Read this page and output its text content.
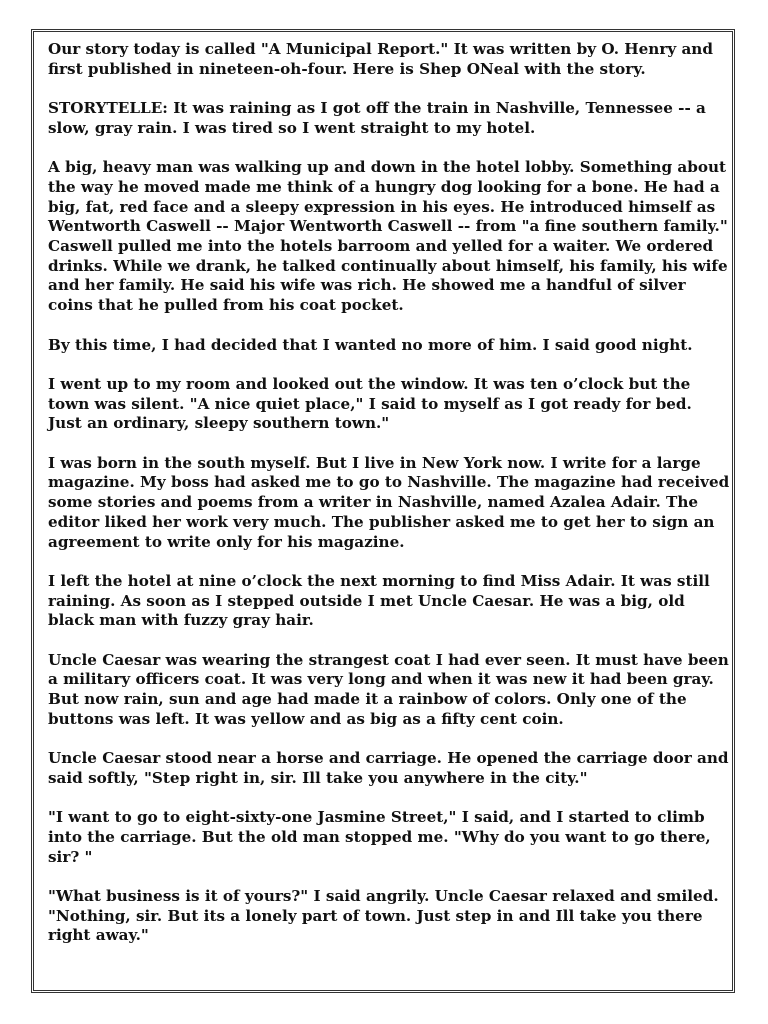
Our story today is called "A Municipal Report." It was written by O. Henry and first published in nineteen-oh-four. Here is Shep ONeal with the story.

STORYTELLE: It was raining as I got off the train in Nashville, Tennessee -- a slow, gray rain. I was tired so I went straight to my hotel.

A big, heavy man was walking up and down in the hotel lobby. Something about the way he moved made me think of a hungry dog looking for a bone. He had a big, fat, red face and a sleepy expression in his eyes. He introduced himself as Wentworth Caswell -- Major Wentworth Caswell -- from "a fine southern family." Caswell pulled me into the hotels barroom and yelled for a waiter. We ordered drinks. While we drank, he talked continually about himself, his family, his wife and her family. He said his wife was rich. He showed me a handful of silver coins that he pulled from his coat pocket.

By this time, I had decided that I wanted no more of him. I said good night.

I went up to my room and looked out the window. It was ten o’clock but the town was silent. "A nice quiet place," I said to myself as I got ready for bed. Just an ordinary, sleepy southern town."

I was born in the south myself. But I live in New York now. I write for a large magazine. My boss had asked me to go to Nashville. The magazine had received some stories and poems from a writer in Nashville, named Azalea Adair. The editor liked her work very much. The publisher asked me to get her to sign an agreement to write only for his magazine.

I left the hotel at nine o’clock the next morning to find Miss Adair. It was still raining. As soon as I stepped outside I met Uncle Caesar. He was a big, old black man with fuzzy gray hair.

Uncle Caesar was wearing the strangest coat I had ever seen. It must have been a military officers coat. It was very long and when it was new it had been gray. But now rain, sun and age had made it a rainbow of colors. Only one of the buttons was left. It was yellow and as big as a fifty cent coin.

Uncle Caesar stood near a horse and carriage. He opened the carriage door and said softly, "Step right in, sir. Ill take you anywhere in the city."

"I want to go to eight-sixty-one Jasmine Street," I said, and I started to climb into the carriage. But the old man stopped me. "Why do you want to go there, sir? "

"What business is it of yours?" I said angrily. Uncle Caesar relaxed and smiled. "Nothing, sir. But its a lonely part of town. Just step in and Ill take you there right away."
